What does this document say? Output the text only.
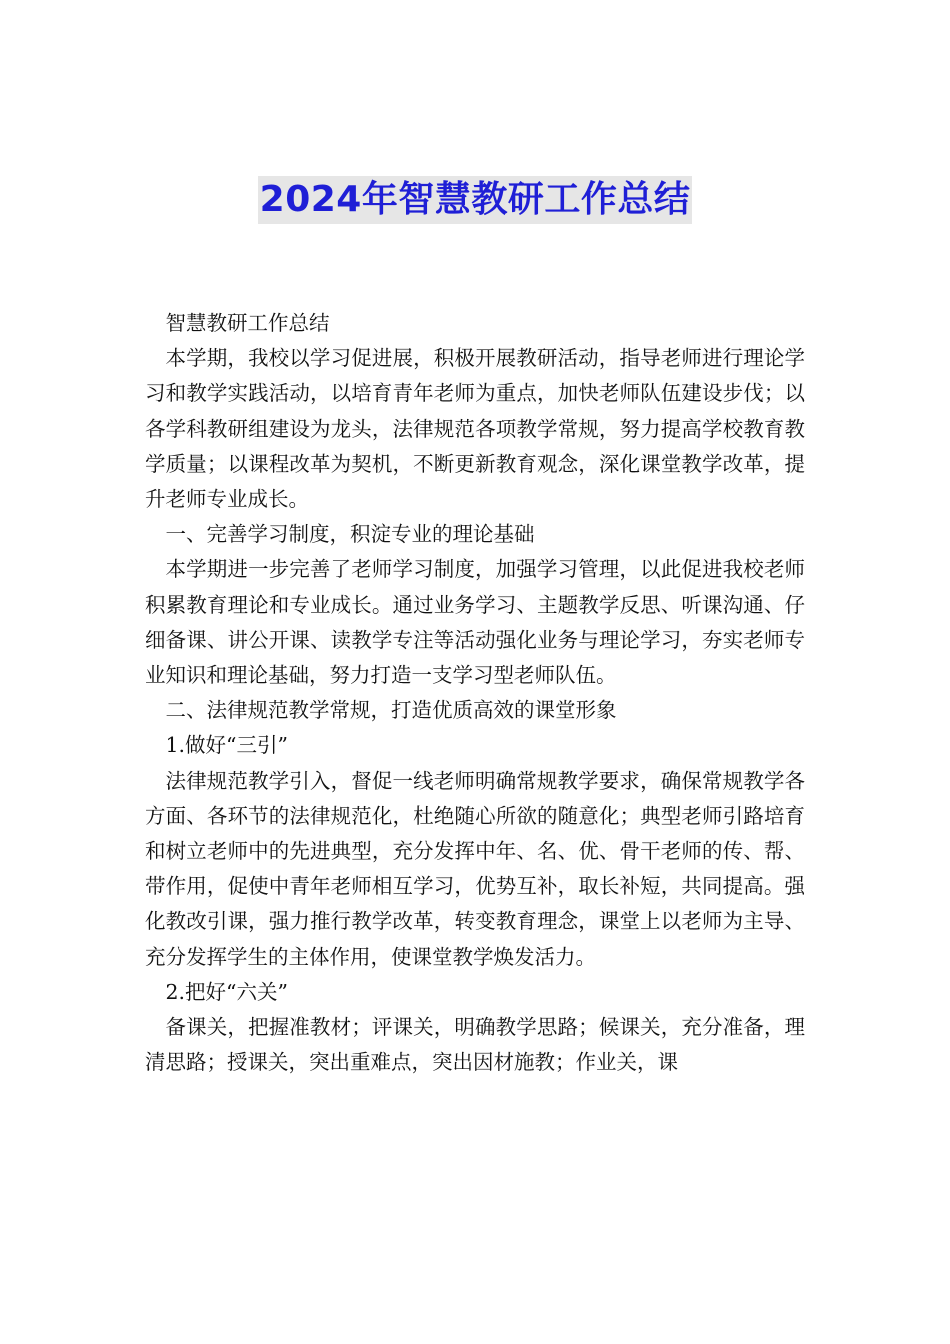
2024年智慧教研工作总结

智慧教研工作总结

本学期，我校以学习促进展，积极开展教研活动，指导老师进行理论学习和教学实践活动，以培育青年老师为重点，加快老师队伍建设步伐；以各学科教研组建设为龙头，法律规范各项教学常规，努力提高学校教育教学质量；以课程改革为契机，不断更新教育观念，深化课堂教学改革，提升老师专业成长。

一、完善学习制度，积淀专业的理论基础

本学期进一步完善了老师学习制度，加强学习管理，以此促进我校老师积累教育理论和专业成长。通过业务学习、主题教学反思、听课沟通、仔细备课、讲公开课、读教学专注等活动强化业务与理论学习，夯实老师专业知识和理论基础，努力打造一支学习型老师队伍。

二、法律规范教学常规，打造优质高效的课堂形象

1.做好“三引”

法律规范教学引入，督促一线老师明确常规教学要求，确保常规教学各方面、各环节的法律规范化，杜绝随心所欲的随意化；典型老师引路培育和树立老师中的先进典型，充分发挥中年、名、优、骨干老师的传、帮、带作用，促使中青年老师相互学习，优势互补，取长补短，共同提高。强化教改引课，强力推行教学改革，转变教育理念，课堂上以老师为主导、充分发挥学生的主体作用，使课堂教学焕发活力。

2.把好“六关”

备课关，把握准教材；评课关，明确教学思路；候课关，充分准备，理清思路；授课关，突出重难点，突出因材施教；作业关，课
